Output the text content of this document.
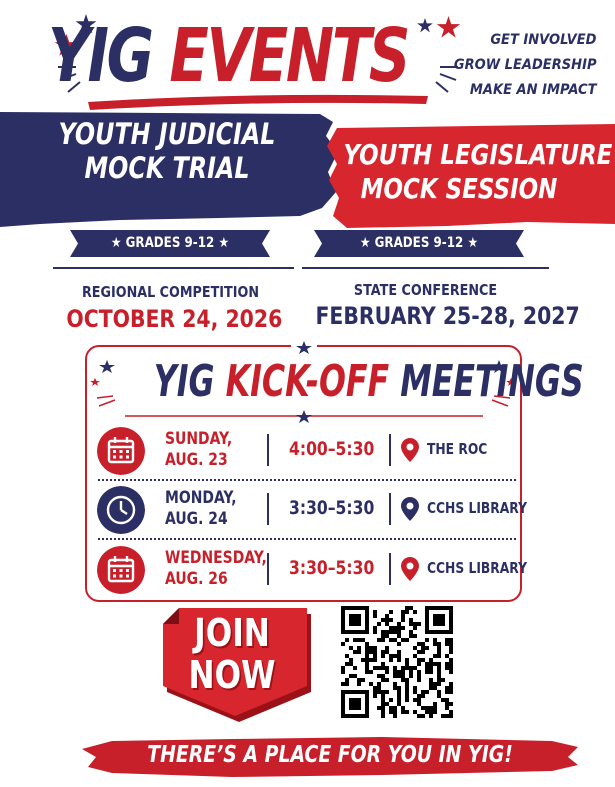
YIG EVENTS	GET INVOLVED
GROW LEADERSHIP
MAKE AN IMPACT
YOUTH JUDICIAL
MOCK TRIAL	YOUTH LEGISLATURE
MOCK SESSION
★ GRADES 9-12 ★	★ GRADES 9-12 ★
REGIONAL COMPETITION
OCTOBER 24, 2026
STATE CONFERENCE
FEBRUARY 25-28, 2027
YIG KICK-OFF MEETINGS
SUNDAY,
AUG. 23	4:00–5:30	THE ROC
MONDAY,
AUG. 24	3:30–5:30	CCHS LIBRARY
WEDNESDAY,
AUG. 26	3:30–5:30	CCHS LIBRARY
JOIN
NOW
THERE’S A PLACE FOR YOU IN YIG!
